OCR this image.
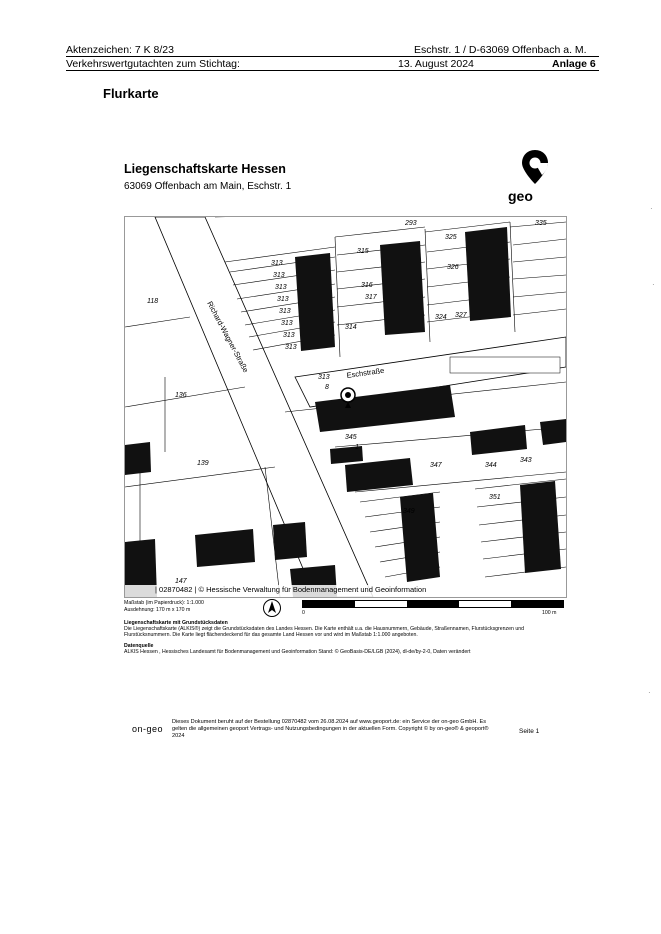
Aktenzeichen: 7 K 8/23	Eschstr. 1 / D-63069 Offenbach a. M.
Verkehrswertgutachten zum Stichtag:	13. August 2024	Anlage 6
Flurkarte
Liegenschaftskarte Hessen
63069 Offenbach am Main, Eschstr. 1
geo
Richard-Wagner-Straße	Eschstraße
293	335
325
326
327
315
316
317
313
313
313
313
313
313
313
313
314
324
118
136
139
345
1
347	344
343
349
351
147
313
8
| 02870482 | © Hessische Verwaltung für Bodenmanagement und Geoinformation
Maßstab (im Papierdruck): 1:1.000
Ausdehnung: 170 m x 170 m	0	100 m
Liegenschaftskarte mit Grundstücksdaten
Die Liegenschaftskarte (ALKIS®) zeigt die Grundstücksdaten des Landes Hessen. Die Karte enthält u.a. die Hausnummern, Gebäude, Straßennamen, Flurstücksgrenzen und Flurstücksnummern. Die Karte liegt flächendeckend für das gesamte Land Hessen vor und wird im Maßstab 1:1.000 angeboten.
Datenquelle
ALKIS Hessen , Hessisches Landesamt für Bodenmanagement und Geoinformation Stand: © GeoBasis-DE/LGB (2024), dl-de/by-2-0, Daten verändert
on-geo
Dieses Dokument beruht auf der Bestellung 02870482 vom 26.08.2024 auf www.geoport.de: ein Service der on-geo GmbH. Es gelten die allgemeinen geoport Vertrags- und Nutzungsbedingungen in der aktuellen Form. Copyright © by on-geo® & geoport® 2024
Seite 1
·
·
·
